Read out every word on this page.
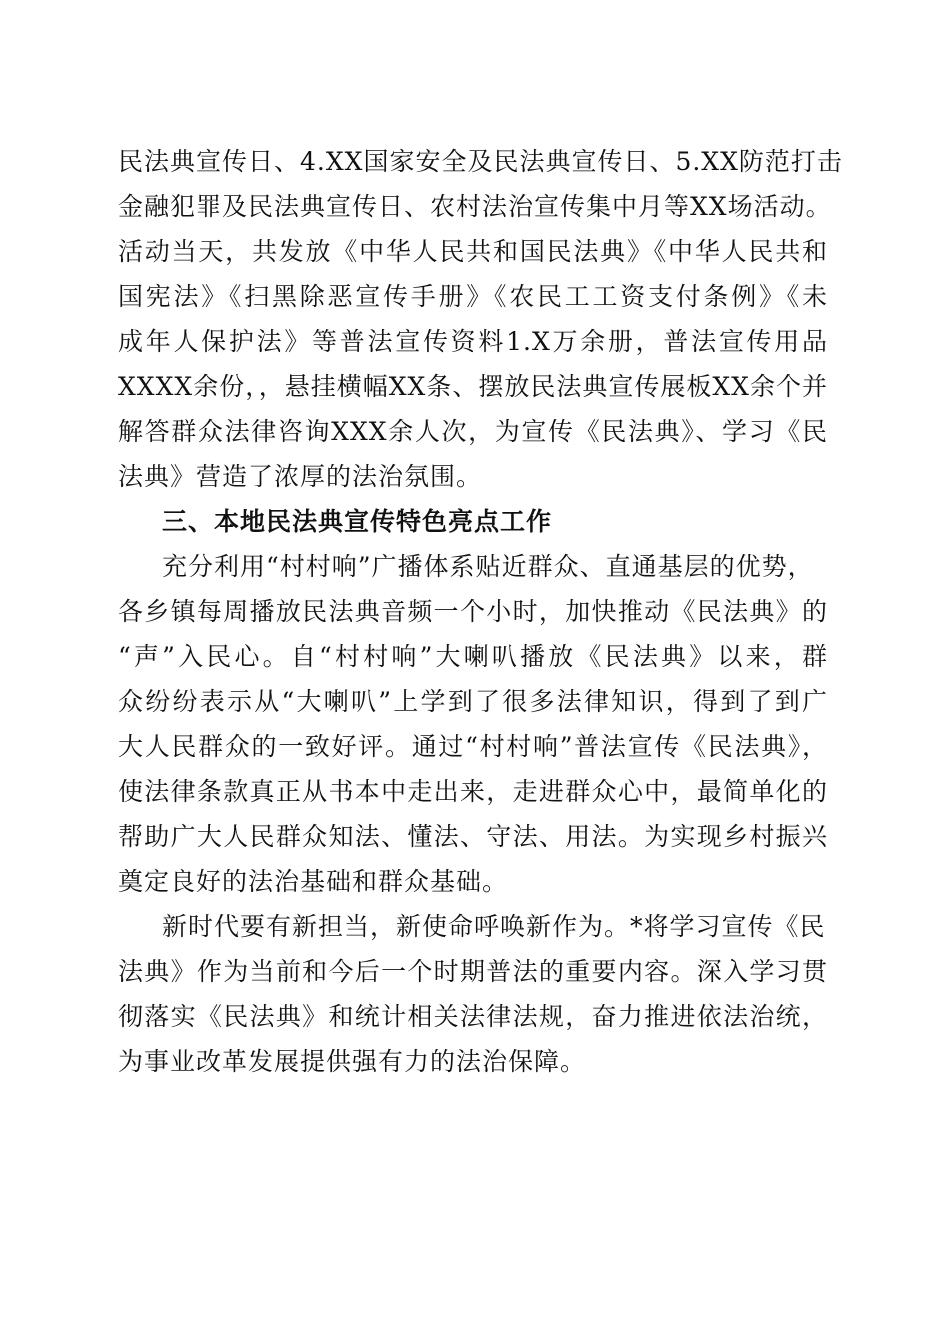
民法典宣传日、4.XX国家安全及民法典宣传日、5.XX防范打击
金融犯罪及民法典宣传日、农村法治宣传集中月等XX场活动。
活动当天，共发放《中华人民共和国民法典》《中华人民共和
国宪法》《扫黑除恶宣传手册》《农民工工资支付条例》《未
成年人保护法》等普法宣传资料1.X万余册，普法宣传用品
XXXX余份，，悬挂横幅XX条、摆放民法典宣传展板XX余个并
解答群众法律咨询XXX余人次，为宣传《民法典》、学习《民
法典》营造了浓厚的法治氛围。
三、本地民法典宣传特色亮点工作
充分利用“村村响”广播体系贴近群众、直通基层的优势，
各乡镇每周播放民法典音频一个小时，加快推动《民法典》的
“声”入民心。自“村村响”大喇叭播放《民法典》以来，群
众纷纷表示从“大喇叭”上学到了很多法律知识，得到了到广
大人民群众的一致好评。通过“村村响”普法宣传《民法典》，
使法律条款真正从书本中走出来，走进群众心中，最简单化的
帮助广大人民群众知法、懂法、守法、用法。为实现乡村振兴
奠定良好的法治基础和群众基础。
新时代要有新担当，新使命呼唤新作为。*将学习宣传《民
法典》作为当前和今后一个时期普法的重要内容。深入学习贯
彻落实《民法典》和统计相关法律法规，奋力推进依法治统，
为事业改革发展提供强有力的法治保障。
